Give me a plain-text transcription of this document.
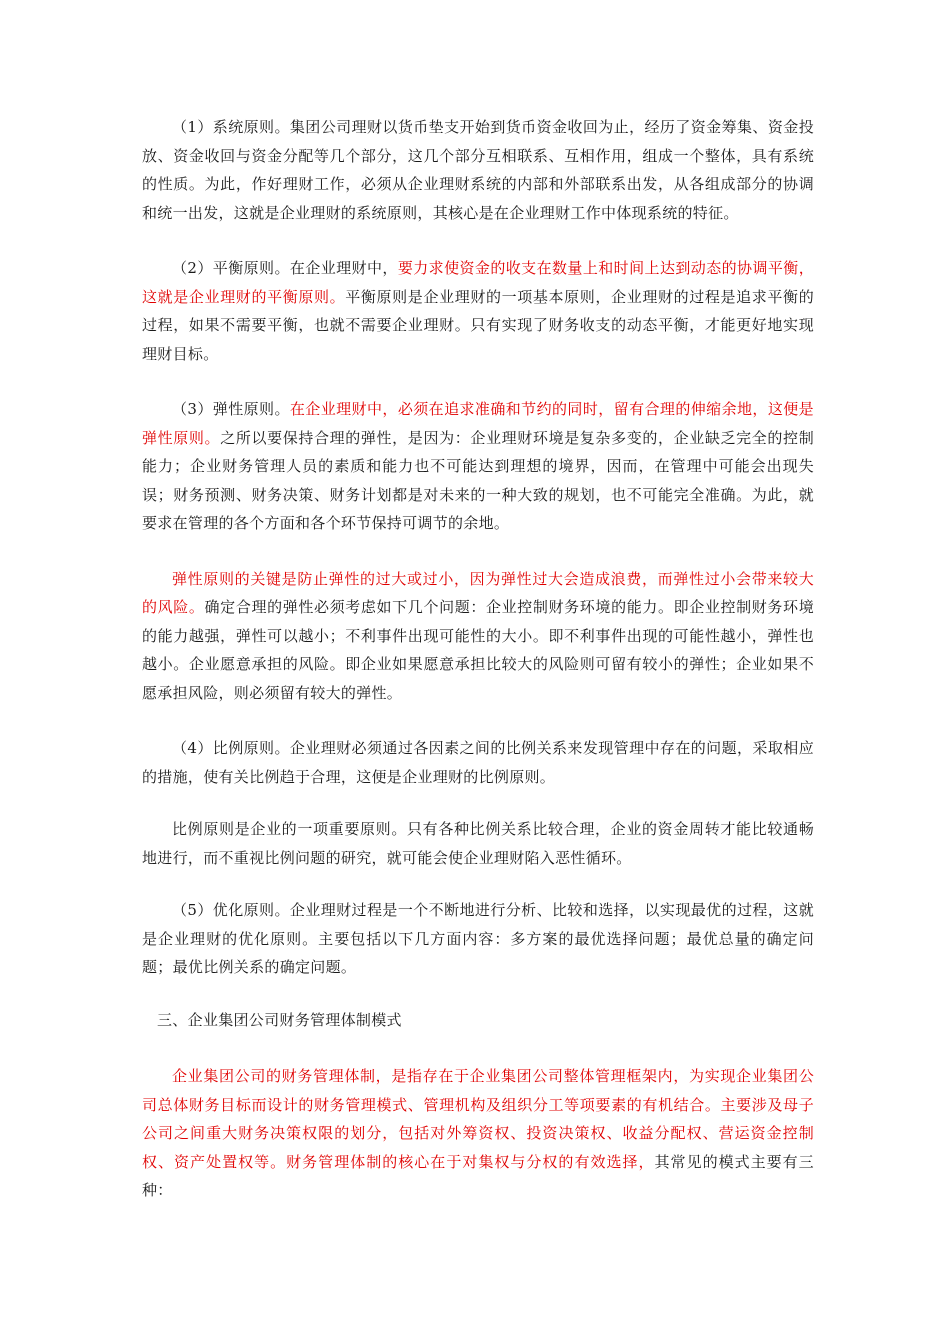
（1）系统原则。集团公司理财以货币垫支开始到货币资金收回为止，经历了资金筹集、资金投放、资金收回与资金分配等几个部分，这几个部分互相联系、互相作用，组成一个整体，具有系统的性质。为此，作好理财工作，必须从企业理财系统的内部和外部联系出发，从各组成部分的协调和统一出发，这就是企业理财的系统原则，其核心是在企业理财工作中体现系统的特征。

（2）平衡原则。在企业理财中，要力求使资金的收支在数量上和时间上达到动态的协调平衡，这就是企业理财的平衡原则。平衡原则是企业理财的一项基本原则，企业理财的过程是追求平衡的过程，如果不需要平衡，也就不需要企业理财。只有实现了财务收支的动态平衡，才能更好地实现理财目标。

（3）弹性原则。在企业理财中，必须在追求准确和节约的同时，留有合理的伸缩余地，这便是弹性原则。之所以要保持合理的弹性，是因为：企业理财环境是复杂多变的，企业缺乏完全的控制能力；企业财务管理人员的素质和能力也不可能达到理想的境界，因而，在管理中可能会出现失误；财务预测、财务决策、财务计划都是对未来的一种大致的规划，也不可能完全准确。为此，就要求在管理的各个方面和各个环节保持可调节的余地。

弹性原则的关键是防止弹性的过大或过小，因为弹性过大会造成浪费，而弹性过小会带来较大的风险。确定合理的弹性必须考虑如下几个问题：企业控制财务环境的能力。即企业控制财务环境的能力越强，弹性可以越小；不利事件出现可能性的大小。即不利事件出现的可能性越小，弹性也越小。企业愿意承担的风险。即企业如果愿意承担比较大的风险则可留有较小的弹性；企业如果不愿承担风险，则必须留有较大的弹性。

（4）比例原则。企业理财必须通过各因素之间的比例关系来发现管理中存在的问题，采取相应的措施，使有关比例趋于合理，这便是企业理财的比例原则。

比例原则是企业的一项重要原则。只有各种比例关系比较合理，企业的资金周转才能比较通畅地进行，而不重视比例问题的研究，就可能会使企业理财陷入恶性循环。

（5）优化原则。企业理财过程是一个不断地进行分析、比较和选择，以实现最优的过程，这就是企业理财的优化原则。主要包括以下几方面内容：多方案的最优选择问题；最优总量的确定问题；最优比例关系的确定问题。

三、企业集团公司财务管理体制模式

企业集团公司的财务管理体制，是指存在于企业集团公司整体管理框架内，为实现企业集团公司总体财务目标而设计的财务管理模式、管理机构及组织分工等项要素的有机结合。主要涉及母子公司之间重大财务决策权限的划分，包括对外筹资权、投资决策权、收益分配权、营运资金控制权、资产处置权等。财务管理体制的核心在于对集权与分权的有效选择，其常见的模式主要有三种：
